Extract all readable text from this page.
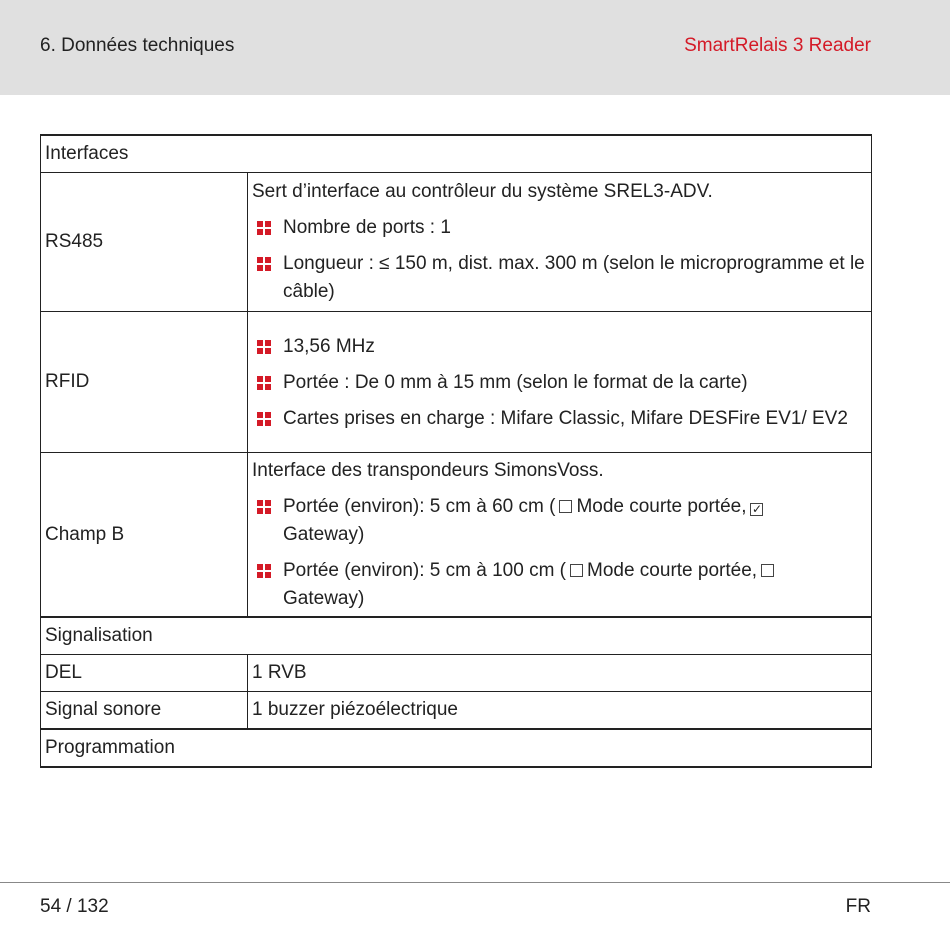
6. Données techniques	SmartRelais 3 Reader
Interfaces	
RS485	Sert d’interface au contrôleur du système SREL3-ADV.

Nombre de ports : 1

Longueur : ≤ 150 m, dist. max. 300 m (selon le microprogramme et le câble)

RFID	13,56 MHz

Portée : De 0 mm à 15 mm (selon le format de la carte)

Cartes prises en charge : Mifare Classic, Mifare DESFire EV1/ EV2

Champ B	Interface des transpondeurs SimonsVoss.

Portée (environ): 5 cm à 60 cm ( Mode courte portée, ✓
Gateway)

Portée (environ): 5 cm à 100 cm ( Mode courte portée,
Gateway)

Signalisation	
DEL	1 RVB
Signal sonore	1 buzzer piézoélectrique
Programmation	
54 / 132	FR
